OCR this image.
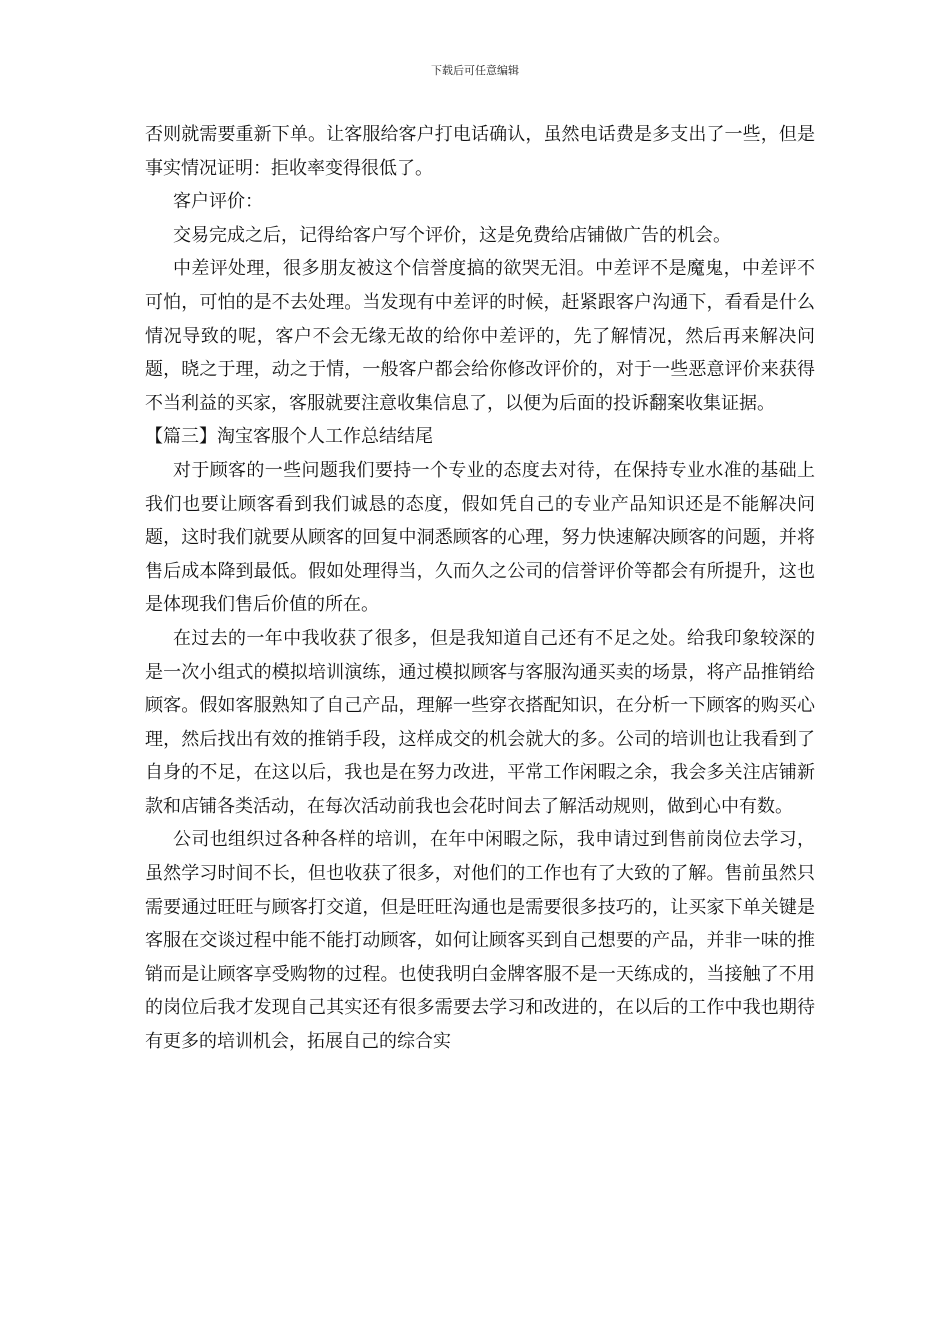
下载后可任意编辑

否则就需要重新下单。让客服给客户打电话确认，虽然电话费是多支出了一些，但是事实情况证明：拒收率变得很低了。

客户评价：

交易完成之后，记得给客户写个评价，这是免费给店铺做广告的机会。

中差评处理，很多朋友被这个信誉度搞的欲哭无泪。中差评不是魔鬼，中差评不可怕，可怕的是不去处理。当发现有中差评的时候，赶紧跟客户沟通下，看看是什么情况导致的呢，客户不会无缘无故的给你中差评的，先了解情况，然后再来解决问题，晓之于理，动之于情，一般客户都会给你修改评价的，对于一些恶意评价来获得不当利益的买家，客服就要注意收集信息了，以便为后面的投诉翻案收集证据。

【篇三】淘宝客服个人工作总结结尾

对于顾客的一些问题我们要持一个专业的态度去对待，在保持专业水准的基础上我们也要让顾客看到我们诚恳的态度，假如凭自己的专业产品知识还是不能解决问题，这时我们就要从顾客的回复中洞悉顾客的心理，努力快速解决顾客的问题，并将售后成本降到最低。假如处理得当，久而久之公司的信誉评价等都会有所提升，这也是体现我们售后价值的所在。

在过去的一年中我收获了很多，但是我知道自己还有不足之处。给我印象较深的是一次小组式的模拟培训演练，通过模拟顾客与客服沟通买卖的场景，将产品推销给顾客。假如客服熟知了自己产品，理解一些穿衣搭配知识，在分析一下顾客的购买心理，然后找出有效的推销手段，这样成交的机会就大的多。公司的培训也让我看到了自身的不足，在这以后，我也是在努力改进，平常工作闲暇之余，我会多关注店铺新款和店铺各类活动，在每次活动前我也会花时间去了解活动规则，做到心中有数。

公司也组织过各种各样的培训，在年中闲暇之际，我申请过到售前岗位去学习，虽然学习时间不长，但也收获了很多，对他们的工作也有了大致的了解。售前虽然只需要通过旺旺与顾客打交道，但是旺旺沟通也是需要很多技巧的，让买家下单关键是客服在交谈过程中能不能打动顾客，如何让顾客买到自己想要的产品，并非一味的推销而是让顾客享受购物的过程。也使我明白金牌客服不是一天练成的，当接触了不用的岗位后我才发现自己其实还有很多需要去学习和改进的，在以后的工作中我也期待有更多的培训机会，拓展自己的综合实
